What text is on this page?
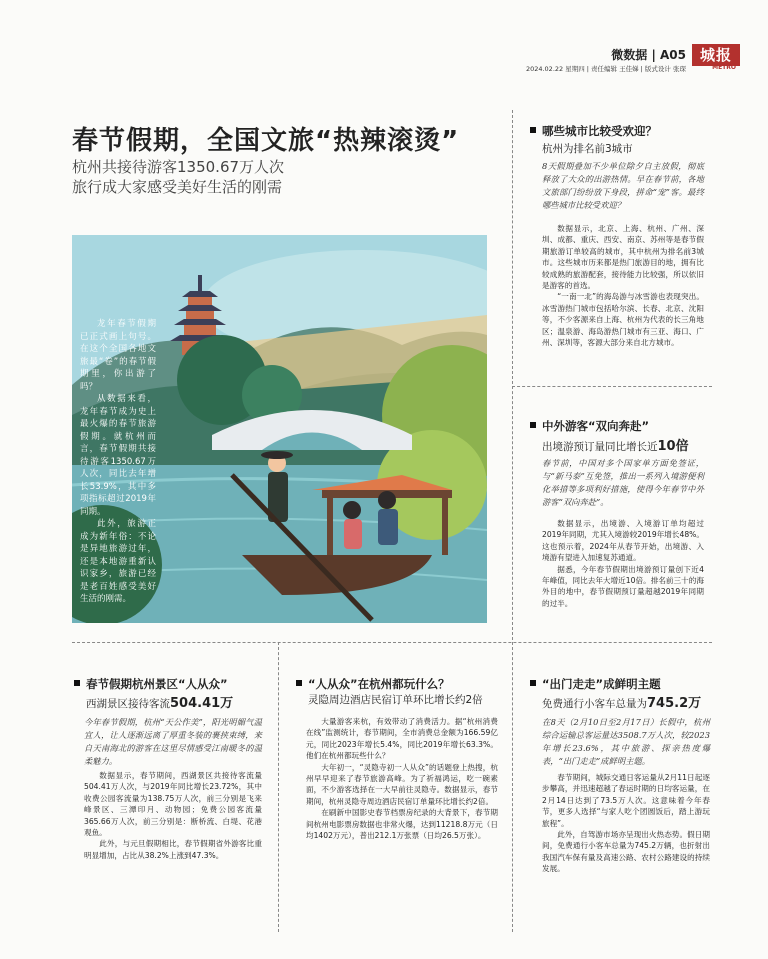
微数据 | A05
2024.02.22 星期四 | 责任编辑 王佳娣 | 版式设计 张琛
城报
METRO
春节假期，全国文旅“热辣滚烫”
杭州共接待游客1350.67万人次
旅行成大家感受美好生活的刚需
龙年春节假期已正式画上句号。在这个全国各地文旅最“卷”的春节假期里，你出游了吗？
从数据来看，龙年春节成为史上最火爆的春节旅游假期。就杭州而言，春节假期共接待游客1350.67万人次，同比去年增长53.9%，其中多项指标超过2019年同期。
此外，旅游正成为新年俗：不论是异地旅游过年，还是本地游重新认识家乡，旅游已经是老百姓感受美好生活的刚需。
哪些城市比较受欢迎？
杭州为排名前3城市
8天假期叠加不少单位除夕自主放假，彻底释放了大众的出游热情。早在春节前，各地文旅部门纷纷放下身段，拼命“宠”客。最终哪些城市比较受欢迎？

数据显示，北京、上海、杭州、广州、深圳、成都、重庆、西安、南京、苏州等是春节假期旅游订单较高的城市，其中杭州为排名前3城市。这些城市历来都是热门旅游目的地，拥有比较成熟的旅游配套，接待能力比较强，所以依旧是游客的首选。

“一南一北”的海岛游与冰雪游也表现突出。冰雪游热门城市包括哈尔滨、长春、北京、沈阳等，不少客源来自上海、杭州为代表的长三角地区；温泉游、海岛游热门城市有三亚、海口、广州、深圳等，客源大部分来自北方城市。

中外游客“双向奔赴”
出境游预订量同比增长近10倍
春节前，中国对多个国家单方面免签证，与“新马泰”互免签，推出一系列入境游便利化举措等多项利好措施，使得今年春节中外游客“双向奔赴”。

数据显示，出境游、入境游订单均超过2019年同期，尤其入境游较2019年增长48%。这也预示着，2024年从春节开始，出境游、入境游有望进入加速复苏通道。

据悉，今年春节假期出境游预订量创下近4年峰值，同比去年大增近10倍。排名前三十的海外目的地中，春节假期预订量超越2019年同期的过半。

春节假期杭州景区“人从众”
西湖景区接待客流504.41万
今年春节假期，杭州“天公作美”，阳光明媚气温宜人，让人逐渐远离了厚重冬装的裹挟束缚，来自天南海北的游客在这里尽情感受江南暖冬的温柔魅力。

数据显示，春节期间，西湖景区共接待客流量504.41万人次，与2019年同比增长23.72%，其中收费公园客流量为138.75万人次，前三分别是飞来峰景区、三潭印月、动物园；免费公园客流量365.66万人次，前三分别是：断桥流、白堤、花港观鱼。

此外，与元旦假期相比，春节假期省外游客比重明显增加，占比从38.2%上涨到47.3%。

“人从众”在杭州都玩什么？
灵隐周边酒店民宿订单环比增长约2倍

大量游客来杭，有效带动了消费活力。据“杭州消费在线”监测统计，春节期间，全市消费总金额为166.59亿元，同比2023年增长5.4%，同比2019年增长63.3%。他们在杭州都玩些什么？

大年初一，“灵隐寺初一人从众”的话题登上热搜，杭州早早迎来了春节旅游高峰。为了祈福鸿运，吃一碗素面，不少游客选择在一大早前往灵隐寺。数据显示，春节期间，杭州灵隐寺周边酒店民宿订单量环比增长约2倍。

在刷新中国影史春节档票房纪录的大背景下，春节期间杭州电影票房数据也非常火爆，达到11218.8万元（日均1402万元），普出212.1万张票（日均26.5万张）。

“出门走走”成鲜明主题
免费通行小客车总量为745.2万
在8天（2月10日至2月17日）长假中，杭州综合运输总客运量达3508.7万人次，较2023年增长23.6%，其中旅游、探亲热度爆表，“出门走走”成鲜明主题。

春节期间，城际交通日客运量从2月11日起逐步攀高，并迅速超越了春运时期的日均客运量，在2月14日达到了73.5万人次。这意味着今年春节，更多人选择“与家人吃个团圆饭后，踏上游玩旅程”。

此外，自驾游市场亦呈现出火热态势。假日期间，免费通行小客车总量为745.2万辆，也折射出我国汽车保有量及高速公路、农村公路建设的持续发展。
